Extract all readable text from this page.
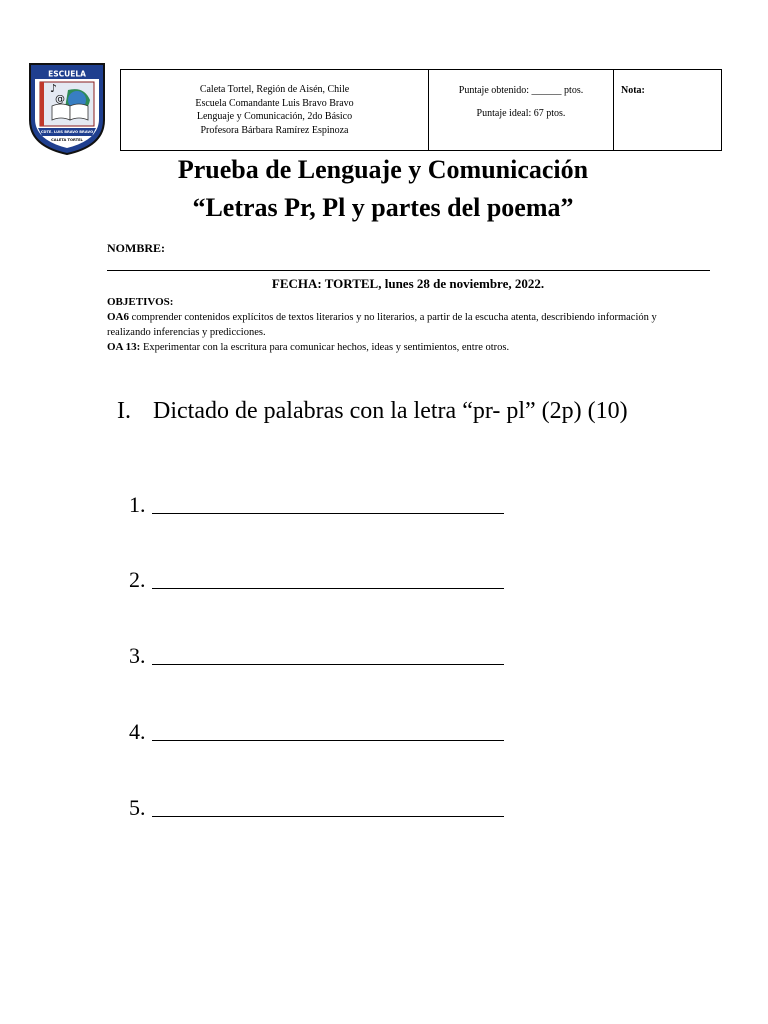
ESCUELA
@
♪
CDTE. LUIS BRAVO BRAVO
CALETA TORTEL
Caleta Tortel, Región de Aisén, Chile
Escuela Comandante Luis Bravo Bravo
Lenguaje y Comunicación, 2do Básico
Profesora Bárbara Ramírez Espinoza

Puntaje obtenido: ______ ptos.
Puntaje ideal: 67 ptos.
	Nota:
Prueba de Lenguaje y Comunicación
“Letras Pr, Pl y partes del poema”
NOMBRE:
FECHA: TORTEL, lunes 28 de noviembre, 2022.
OBJETIVOS:
OA6 comprender contenidos explícitos de textos literarios y no literarios, a partir de la escucha atenta, describiendo información y realizando inferencias y predicciones.
OA 13: Experimentar con la escritura para comunicar hechos, ideas y sentimientos, entre otros.
I. Dictado de palabras con la letra “pr- pl” (2p) (10)
1.
2.
3.
4.
5.
